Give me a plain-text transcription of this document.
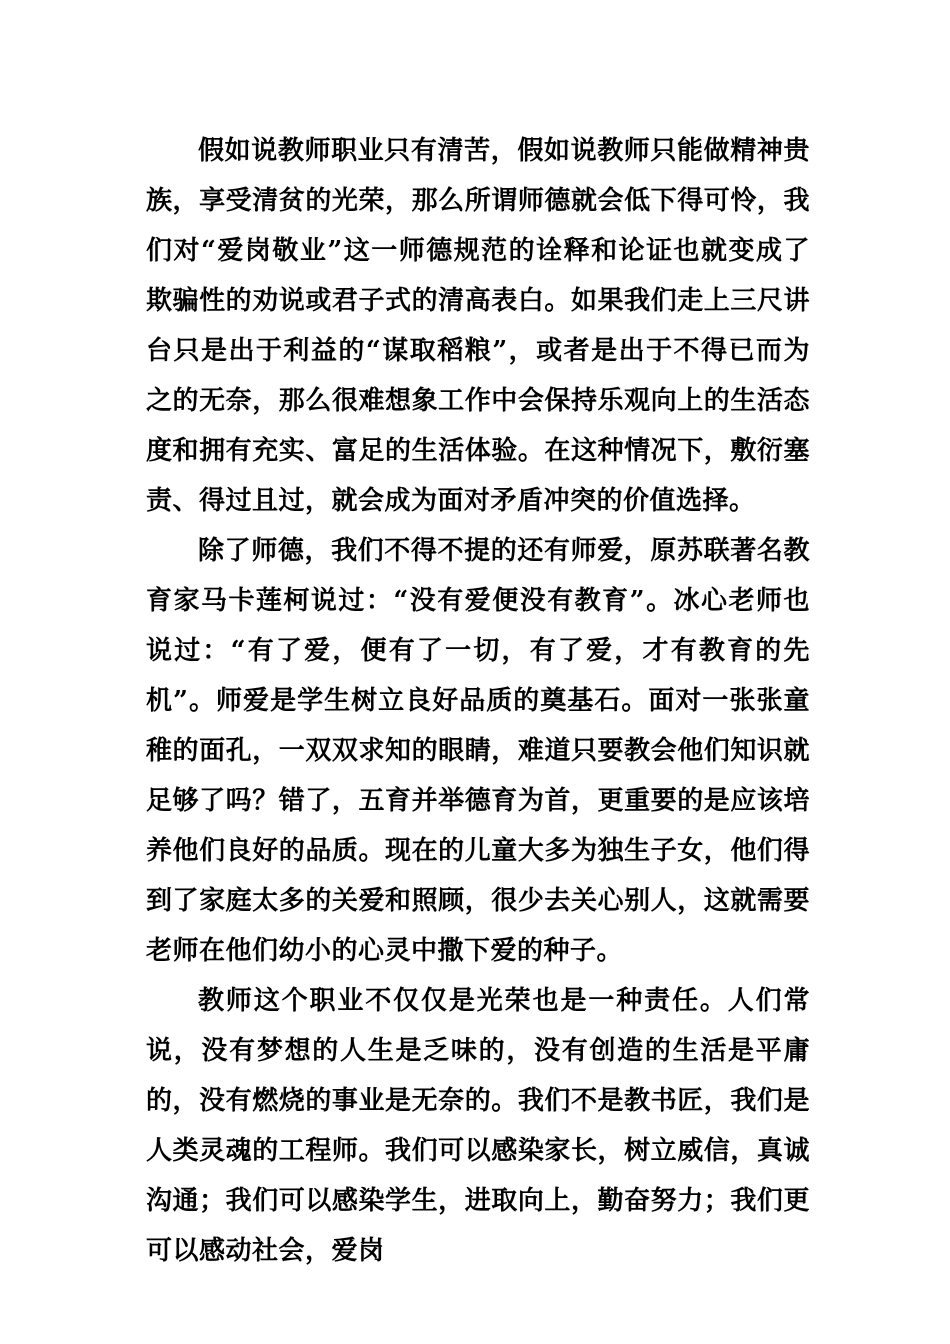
假如说教师职业只有清苦，假如说教师只能做精神贵族，享受清贫的光荣，那么所谓师德就会低下得可怜，我们对“爱岗敬业”这一师德规范的诠释和论证也就变成了欺骗性的劝说或君子式的清高表白。如果我们走上三尺讲台只是出于利益的“谋取稻粮”，或者是出于不得已而为之的无奈，那么很难想象工作中会保持乐观向上的生活态度和拥有充实、富足的生活体验。在这种情况下，敷衍塞责、得过且过，就会成为面对矛盾冲突的价值选择。

除了师德，我们不得不提的还有师爱，原苏联著名教育家马卡莲柯说过：“没有爱便没有教育”。冰心老师也说过：“有了爱，便有了一切，有了爱，才有教育的先机”。师爱是学生树立良好品质的奠基石。面对一张张童稚的面孔，一双双求知的眼睛，难道只要教会他们知识就足够了吗？错了，五育并举德育为首，更重要的是应该培养他们良好的品质。现在的儿童大多为独生子女，他们得到了家庭太多的关爱和照顾，很少去关心别人，这就需要老师在他们幼小的心灵中撒下爱的种子。

教师这个职业不仅仅是光荣也是一种责任。人们常说，没有梦想的人生是乏味的，没有创造的生活是平庸的，没有燃烧的事业是无奈的。我们不是教书匠，我们是人类灵魂的工程师。我们可以感染家长，树立威信，真诚沟通；我们可以感染学生，进取向上，勤奋努力；我们更可以感动社会，爱岗
